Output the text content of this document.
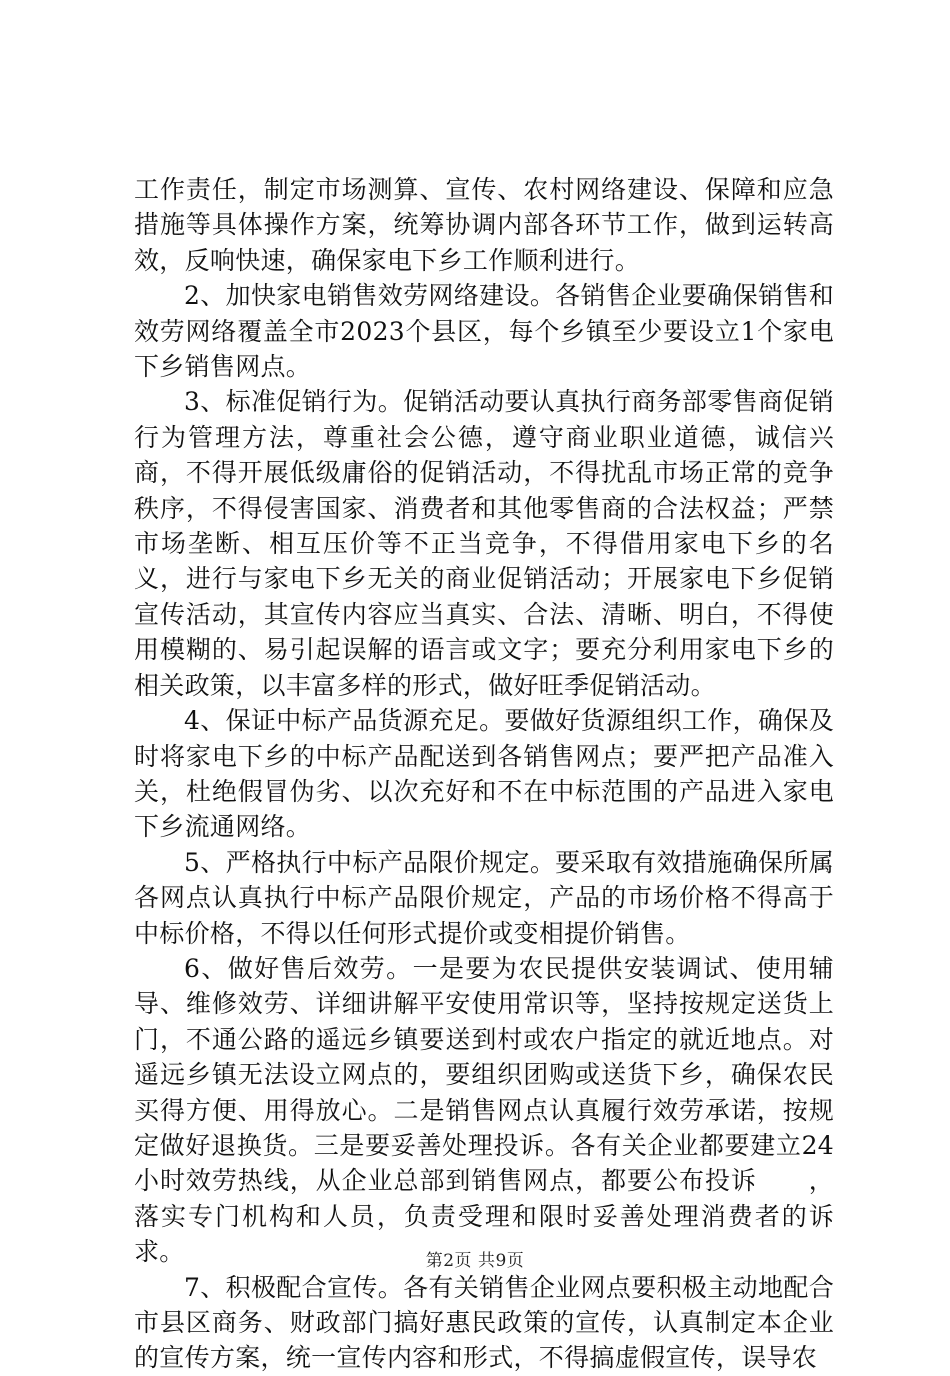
工作责任，制定市场测算、宣传、农村网络建设、保障和应急措施等具体操作方案，统筹协调内部各环节工作，做到运转高效，反响快速，确保家电下乡工作顺利进行。

2、加快家电销售效劳网络建设。各销售企业要确保销售和效劳网络覆盖全市2023个县区，每个乡镇至少要设立1个家电下乡销售网点。

3、标准促销行为。促销活动要认真执行商务部零售商促销行为管理方法，尊重社会公德，遵守商业职业道德，诚信兴商，不得开展低级庸俗的促销活动，不得扰乱市场正常的竞争秩序，不得侵害国家、消费者和其他零售商的合法权益；严禁市场垄断、相互压价等不正当竞争，不得借用家电下乡的名义，进行与家电下乡无关的商业促销活动；开展家电下乡促销宣传活动，其宣传内容应当真实、合法、清晰、明白，不得使用模糊的、易引起误解的语言或文字；要充分利用家电下乡的相关政策，以丰富多样的形式，做好旺季促销活动。

4、保证中标产品货源充足。要做好货源组织工作，确保及时将家电下乡的中标产品配送到各销售网点；要严把产品准入关，杜绝假冒伪劣、以次充好和不在中标范围的产品进入家电下乡流通网络。

5、严格执行中标产品限价规定。要采取有效措施确保所属各网点认真执行中标产品限价规定，产品的市场价格不得高于中标价格，不得以任何形式提价或变相提价销售。

6、做好售后效劳。一是要为农民提供安装调试、使用辅导、维修效劳、详细讲解平安使用常识等，坚持按规定送货上门，不通公路的遥远乡镇要送到村或农户指定的就近地点。对遥远乡镇无法设立网点的，要组织团购或送货下乡，确保农民买得方便、用得放心。二是销售网点认真履行效劳承诺，按规定做好退换货。三是要妥善处理投诉。各有关企业都要建立24小时效劳热线，从企业总部到销售网点，都要公布投诉　　，落实专门机构和人员，负责受理和限时妥善处理消费者的诉求。

7、积极配合宣传。各有关销售企业网点要积极主动地配合市县区商务、财政部门搞好惠民政策的宣传，认真制定本企业的宣传方案，统一宣传内容和形式，不得搞虚假宣传，误导农

第2页 共9页
